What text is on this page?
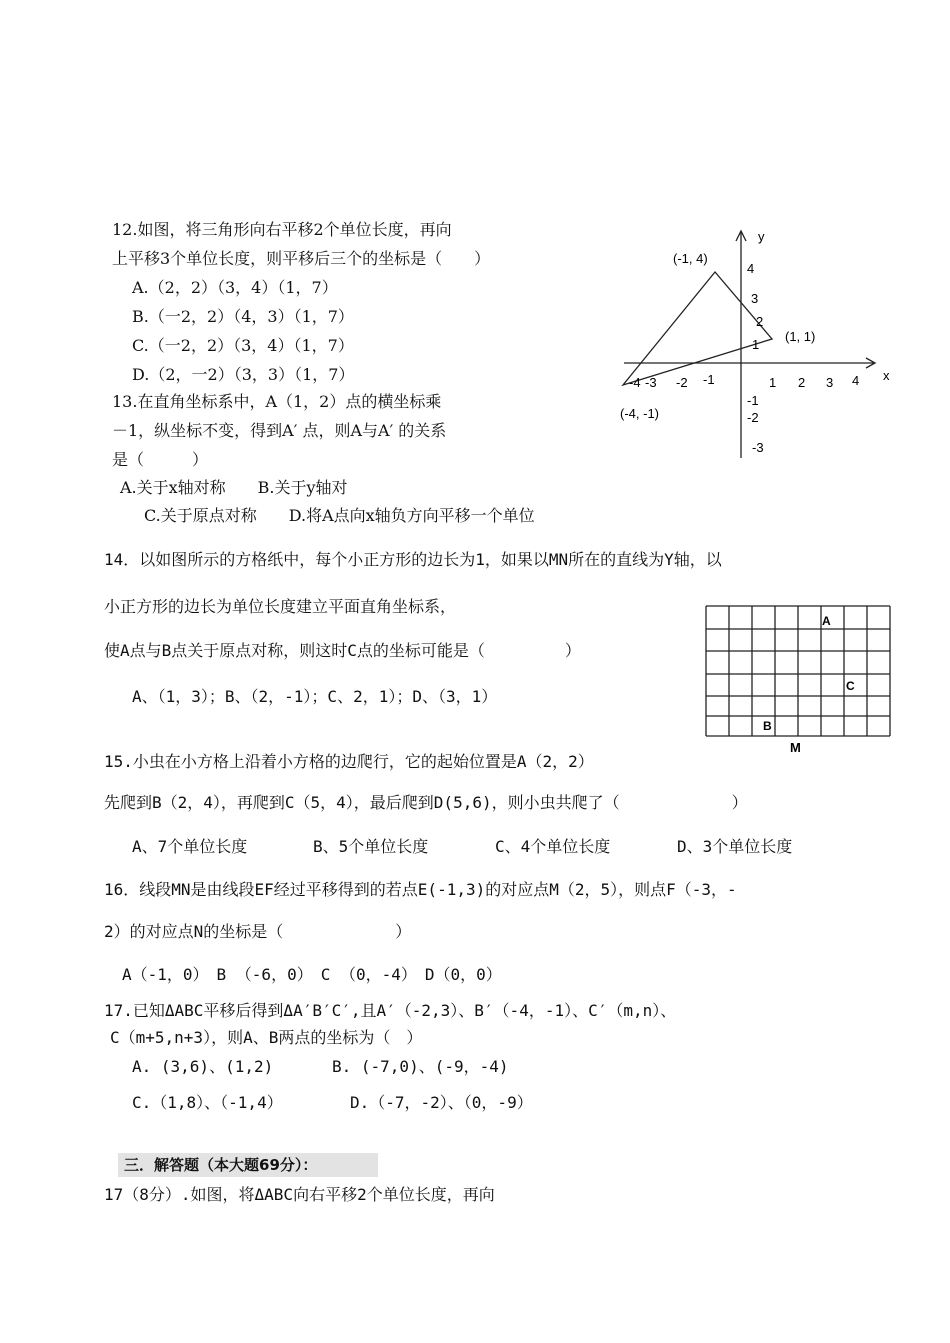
12.如图，将三角形向右平移2个单位长度，再向
上平移3个单位长度，则平移后三个的坐标是（　　）
A.（2，2）（3，4）（1，7）
B.（一2，2）（4，3）（1，7）
C.（一2，2）（3，4）（1，7）
D.（2，一2）（3，3）（1，7）
13.在直角坐标系中，A（1，2）点的横坐标乘
－1，纵坐标不变，得到A′ 点，则A与A′ 的关系
是（　　　）
A.关于x轴对称　　B.关于y轴对
C.关于原点对称　　D.将A点向x轴负方向平移一个单位
y
x
(-1, 4)
(1, 1)
(-4, -1)
-4 -3 -2 -1	1 2 3 4
4
3
2
1
-1
-2
-3
14．以如图所示的方格纸中，每个小正方形的边长为1，如果以MN所在的直线为Y轴，以
小正方形的边长为单位长度建立平面直角坐标系，
使A点与B点关于原点对称，则这时C点的坐标可能是（　　　　　）
A、（1，3）；B、（2，-1）；C、2，1）；D、（3，1）
A
C
B
M
15.小虫在小方格上沿着小方格的边爬行，它的起始位置是A（2，2）
先爬到B（2，4），再爬到C（5，4），最后爬到D(5,6)，则小虫共爬了（　　　　　　　）
A、7个单位长度	B、5个单位长度	C、4个单位长度	D、3个单位长度
16．线段MN是由线段EF经过平移得到的若点E(-1,3)的对应点M（2，5），则点F（-3，-
2）的对应点N的坐标是（　　　　　　　）
A（-1，0）　B （-6，0）　C （0，-4）　D（0，0）
17.已知ΔABC平移后得到ΔA′B′C′,且A′（-2,3）、B′（-4，-1）、C′（m,n）、
C（m+5,n+3），则A、B两点的坐标为（　）
A. (3,6)、(1,2)	B. (-7,0)、(-9，-4)
C.（1,8）、（-1,4）	D.（-7，-2）、（0，-9）
三．解答题（本大题69分）：
17（8分）.如图，将ΔABC向右平移2个单位长度，再向
